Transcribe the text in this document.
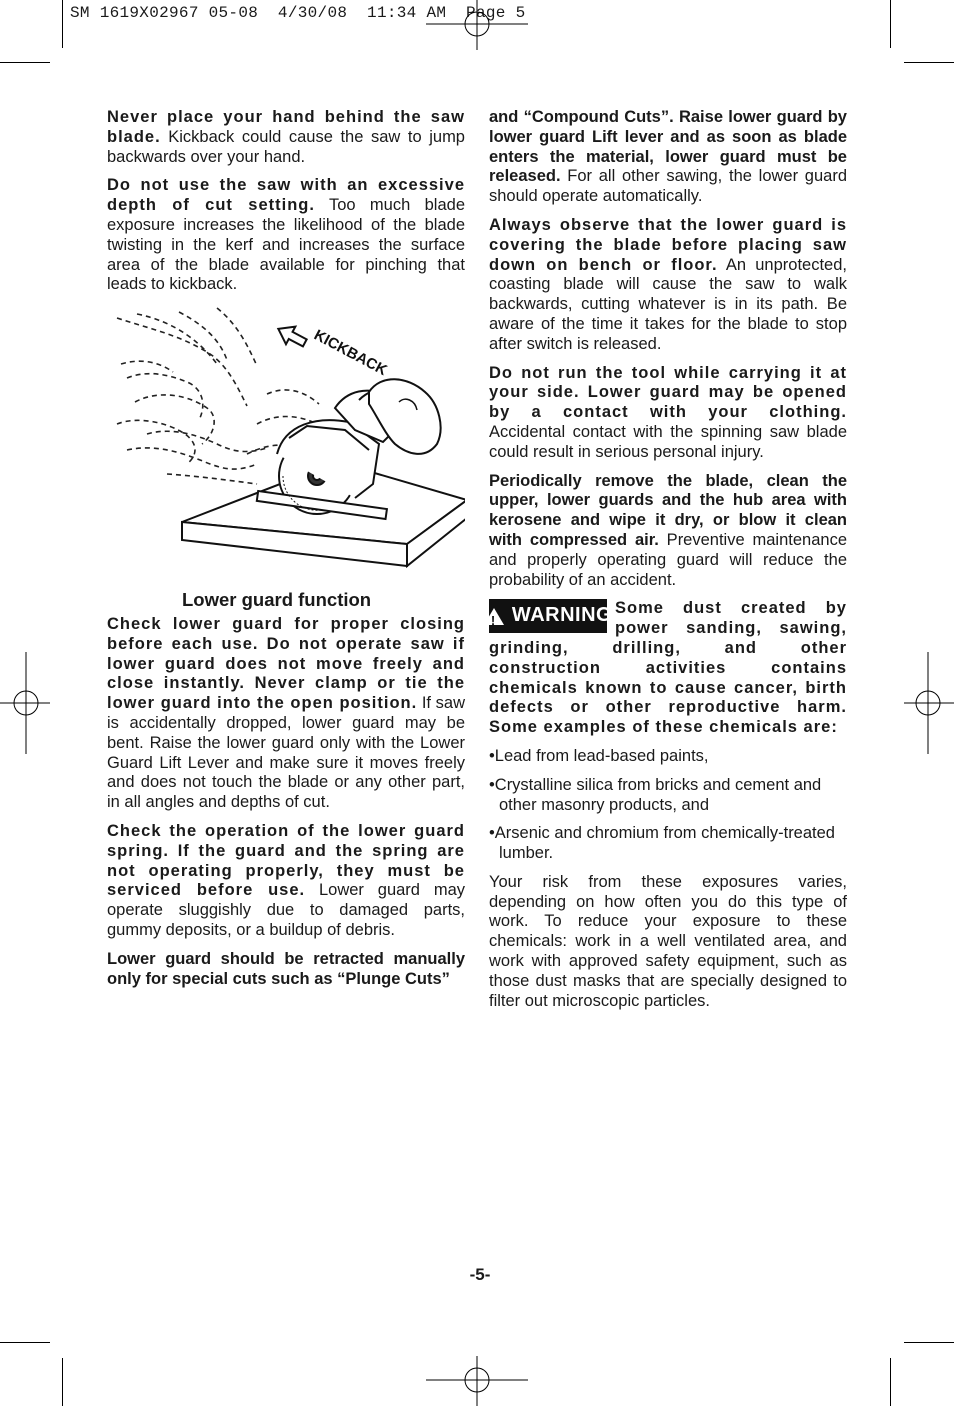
SM 1619X02967 05-08  4/30/08  11:34 AM  Page 5

Never place your hand behind the saw blade. Kickback could cause the saw to jump backwards over your hand.

Do not use the saw with an excessive depth of cut setting. Too much blade exposure increases the likelihood of the blade twisting in the kerf and increases the surface area of the blade available for pinching that leads to kickback.

KICKBACK
Lower guard function

Check lower guard for proper closing before each use. Do not operate saw if lower guard does not move freely and close instantly. Never clamp or tie the lower guard into the open position. If saw is accidentally dropped, lower guard may be bent. Raise the lower guard only with the Lower Guard Lift Lever and make sure it moves freely and does not touch the blade or any other part, in all angles and depths of cut.

Check the operation of the lower guard spring. If the guard and the spring are not operating properly, they must be serviced before use. Lower guard may operate sluggishly due to damaged parts, gummy deposits, or a buildup of debris.

Lower guard should be retracted manually only for special cuts such as “Plunge Cuts”

and “Compound Cuts”. Raise lower guard by lower guard Lift lever and as soon as blade enters the material, lower guard must be released. For all other sawing, the lower guard should operate automatically.

Always observe that the lower guard is covering the blade before placing saw down on bench or floor. An unprotected, coasting blade will cause the saw to walk backwards, cutting whatever is in its path. Be aware of the time it takes for the blade to stop after switch is released.

Do not run the tool while carrying it at your side. Lower guard may be opened by a contact with your clothing. Accidental contact with the spinning saw blade could result in serious personal injury.

Periodically remove the blade, clean the upper, lower guards and the hub area with kerosene and wipe it dry, or blow it clean with compressed air. Preventive maintenance and properly operating guard will reduce the probability of an accident.

! WARNING Some dust created by power sanding, sawing, grinding, drilling, and other construction activities contains chemicals known to cause cancer, birth defects or other reproductive harm. Some examples of these chemicals are:

•Lead from lead-based paints,
•Crystalline silica from bricks and cement and other masonry products, and
•Arsenic and chromium from chemically-treated lumber.

Your risk from these exposures varies, depending on how often you do this type of work. To reduce your exposure to these chemicals: work in a well ventilated area, and work with approved safety equipment, such as those dust masks that are specially designed to filter out microscopic particles.

-5-
